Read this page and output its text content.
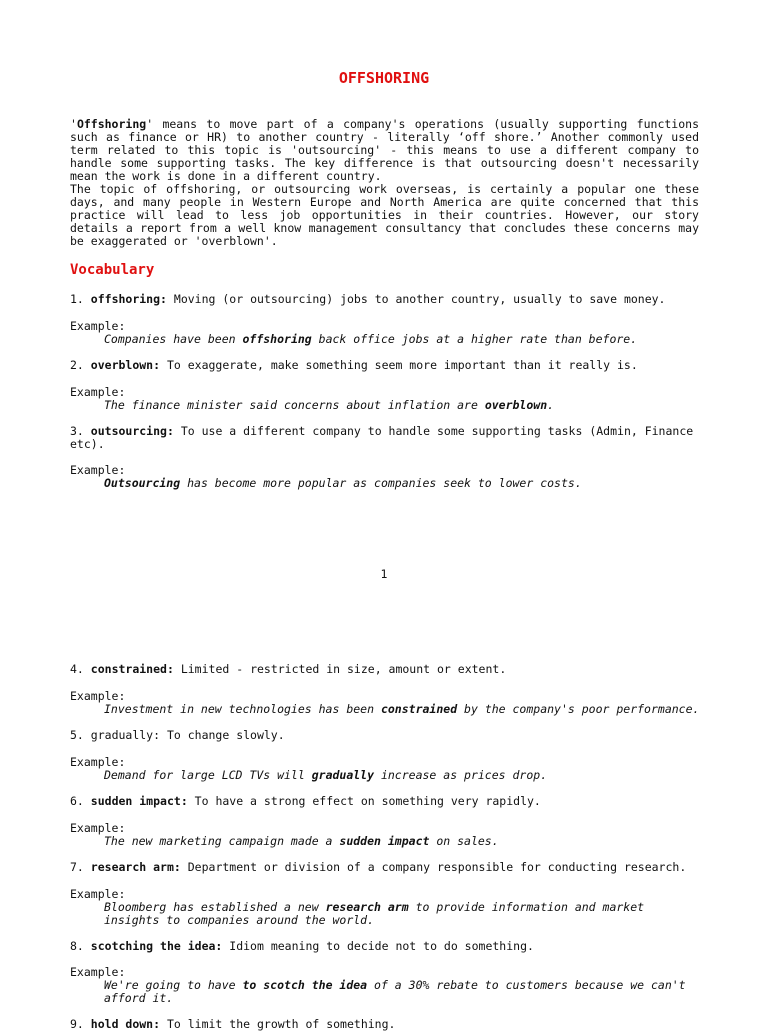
OFFSHORING

'Offshoring' means to move part of a company's operations (usually supporting functions such as finance or HR) to another country - literally ‘off shore.’ Another commonly used term related to this topic is 'outsourcing' - this means to use a different company to handle some supporting tasks. The key difference is that outsourcing doesn't necessarily mean the work is done in a different country.

The topic of offshoring, or outsourcing work overseas, is certainly a popular one these days, and many people in Western Europe and North America are quite concerned that this practice will lead to less job opportunities in their countries. However, our story details a report from a well know management consultancy that concludes these concerns may be exaggerated or 'overblown'.

Vocabulary

1. offshoring: Moving (or outsourcing) jobs to another country, usually to save money.

Example:

Companies have been offshoring back office jobs at a higher rate than before.

2. overblown: To exaggerate, make something seem more important than it really is.

Example:

The finance minister said concerns about inflation are overblown.

3. outsourcing: To use a different company to handle some supporting tasks (Admin, Finance etc).

Example:

Outsourcing has become more popular as companies seek to lower costs.

1

4. constrained: Limited - restricted in size, amount or extent.

Example:

Investment in new technologies has been constrained by the company's poor performance.

5. gradually: To change slowly.

Example:

Demand for large LCD TVs will gradually increase as prices drop.

6. sudden impact: To have a strong effect on something very rapidly.

Example:

The new marketing campaign made a sudden impact on sales.

7. research arm: Department or division of a company responsible for conducting research.

Example:

Bloomberg has established a new research arm to provide information and market insights to companies around the world.

8. scotching the idea: Idiom meaning to decide not to do something.

Example:

We're going to have to scotch the idea of a 30% rebate to customers because we can't afford it.

9. hold down: To limit the growth of something.
